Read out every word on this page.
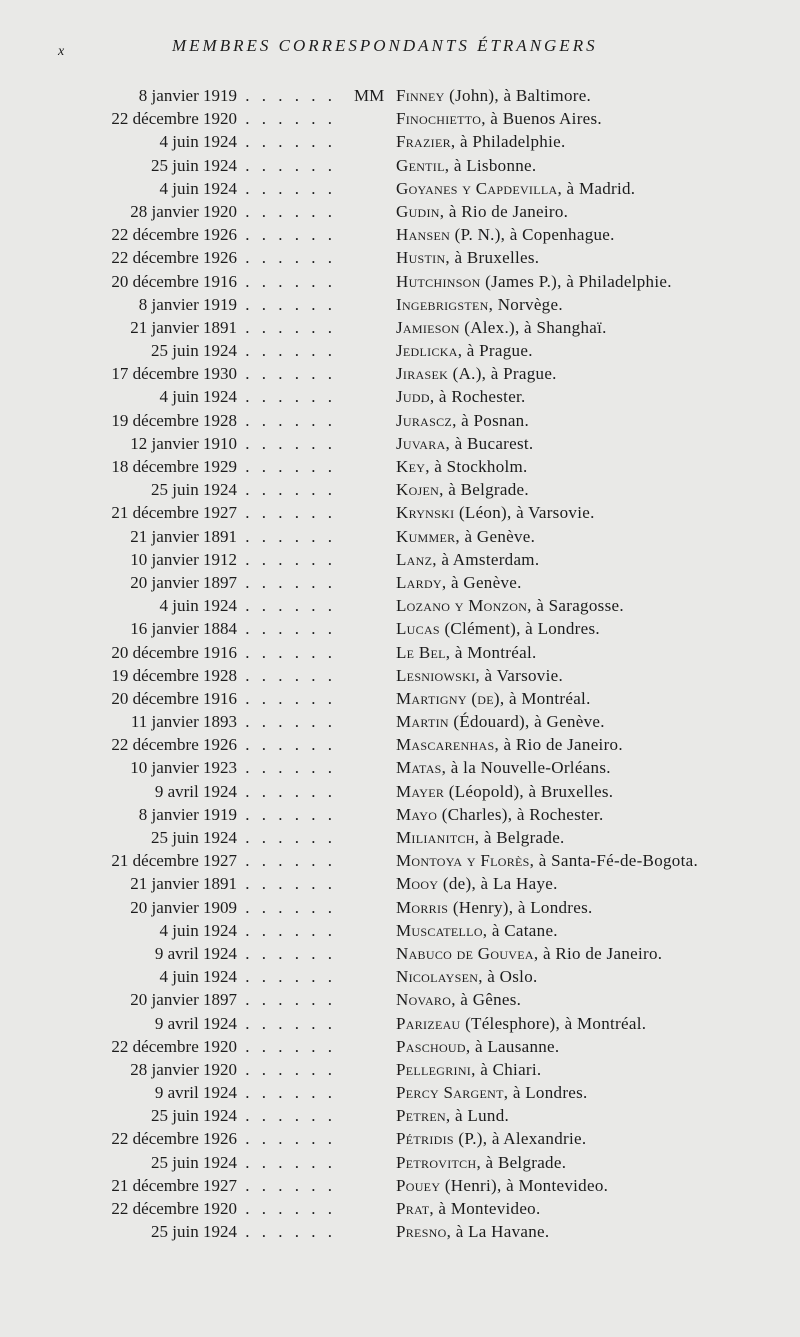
x	MEMBRES CORRESPONDANTS ÉTRANGERS
8 janvier 1919 . . . . . .	MM Finney (John), à Baltimore.
22 décembre 1920 . . . . . .	Finochietto, à Buenos Aires.
4 juin 1924 . . . . . .	Frazier, à Philadelphie.
25 juin 1924 . . . . . .	Gentil, à Lisbonne.
4 juin 1924 . . . . . .	Goyanes y Capdevilla, à Madrid.
28 janvier 1920 . . . . . .	Gudin, à Rio de Janeiro.
22 décembre 1926 . . . . . .	Hansen (P. N.), à Copenhague.
22 décembre 1926 . . . . . .	Hustin, à Bruxelles.
20 décembre 1916 . . . . . .	Hutchinson (James P.), à Philadelphie.
8 janvier 1919 . . . . . .	Ingebrigsten, Norvège.
21 janvier 1891 . . . . . .	Jamieson (Alex.), à Shanghaï.
25 juin 1924 . . . . . .	Jedlicka, à Prague.
17 décembre 1930 . . . . . .	Jirasek (A.), à Prague.
4 juin 1924 . . . . . .	Judd, à Rochester.
19 décembre 1928 . . . . . .	Jurascz, à Posnan.
12 janvier 1910 . . . . . .	Juvara, à Bucarest.
18 décembre 1929 . . . . . .	Key, à Stockholm.
25 juin 1924 . . . . . .	Kojen, à Belgrade.
21 décembre 1927 . . . . . .	Krynski (Léon), à Varsovie.
21 janvier 1891 . . . . . .	Kummer, à Genève.
10 janvier 1912 . . . . . .	Lanz, à Amsterdam.
20 janvier 1897 . . . . . .	Lardy, à Genève.
4 juin 1924 . . . . . .	Lozano y Monzon, à Saragosse.
16 janvier 1884 . . . . . .	Lucas (Clément), à Londres.
20 décembre 1916 . . . . . .	Le Bel, à Montréal.
19 décembre 1928 . . . . . .	Lesniowski, à Varsovie.
20 décembre 1916 . . . . . .	Martigny (de), à Montréal.
11 janvier 1893 . . . . . .	Martin (Édouard), à Genève.
22 décembre 1926 . . . . . .	Mascarenhas, à Rio de Janeiro.
10 janvier 1923 . . . . . .	Matas, à la Nouvelle-Orléans.
9 avril 1924 . . . . . .	Mayer (Léopold), à Bruxelles.
8 janvier 1919 . . . . . .	Mayo (Charles), à Rochester.
25 juin 1924 . . . . . .	Milianitch, à Belgrade.
21 décembre 1927 . . . . . .	Montoya y Florès, à Santa-Fé-de-Bogota.
21 janvier 1891 . . . . . .	Mooy (de), à La Haye.
20 janvier 1909 . . . . . .	Morris (Henry), à Londres.
4 juin 1924 . . . . . .	Muscatello, à Catane.
9 avril 1924 . . . . . .	Nabuco de Gouvea, à Rio de Janeiro.
4 juin 1924 . . . . . .	Nicolaysen, à Oslo.
20 janvier 1897 . . . . . .	Novaro, à Gênes.
9 avril 1924 . . . . . .	Parizeau (Télesphore), à Montréal.
22 décembre 1920 . . . . . .	Paschoud, à Lausanne.
28 janvier 1920 . . . . . .	Pellegrini, à Chiari.
9 avril 1924 . . . . . .	Percy Sargent, à Londres.
25 juin 1924 . . . . . .	Petren, à Lund.
22 décembre 1926 . . . . . .	Pétridis (P.), à Alexandrie.
25 juin 1924 . . . . . .	Petrovitch, à Belgrade.
21 décembre 1927 . . . . . .	Pouey (Henri), à Montevideo.
22 décembre 1920 . . . . . .	Prat, à Montevideo.
25 juin 1924 . . . . . .	Presno, à La Havane.
